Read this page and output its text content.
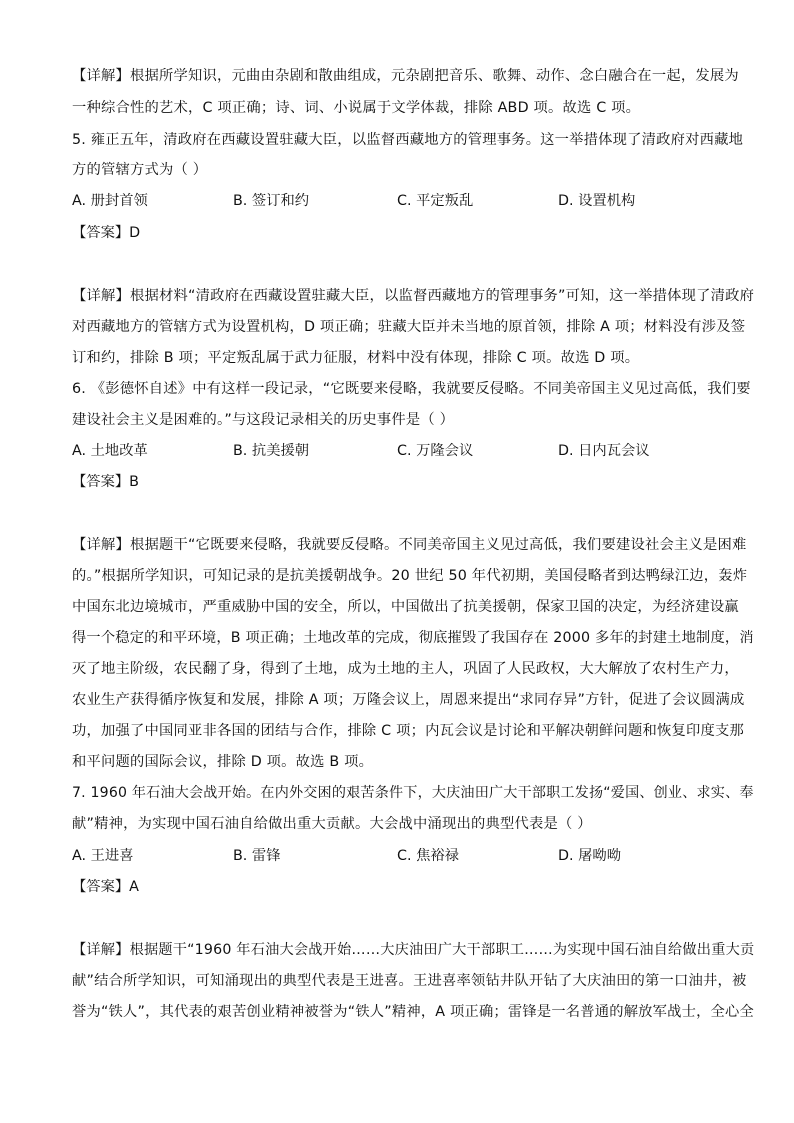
【详解】根据所学知识，元曲由杂剧和散曲组成，元杂剧把音乐、歌舞、动作、念白融合在一起，发展为
一种综合性的艺术，C 项正确；诗、词、小说属于文学体裁，排除 ABD 项。故选 C 项。
5. 雍正五年，清政府在西藏设置驻藏大臣，以监督西藏地方的管理事务。这一举措体现了清政府对西藏地
方的管辖方式为（ ）
A. 册封首领	B. 签订和约	C. 平定叛乱	D. 设置机构
【答案】D
【详解】根据材料“清政府在西藏设置驻藏大臣，以监督西藏地方的管理事务”可知，这一举措体现了清政府
对西藏地方的管辖方式为设置机构，D 项正确；驻藏大臣并未当地的原首领，排除 A 项；材料没有涉及签
订和约，排除 B 项；平定叛乱属于武力征服，材料中没有体现，排除 C 项。故选 D 项。
6. 《彭德怀自述》中有这样一段记录，“它既要来侵略，我就要反侵略。不同美帝国主义见过高低，我们要
建设社会主义是困难的。”与这段记录相关的历史事件是（ ）
A. 土地改革	B. 抗美援朝	C. 万隆会议	D. 日内瓦会议
【答案】B
【详解】根据题干“它既要来侵略，我就要反侵略。不同美帝国主义见过高低，我们要建设社会主义是困难
的。”根据所学知识，可知记录的是抗美援朝战争。20 世纪 50 年代初期，美国侵略者到达鸭绿江边，轰炸
中国东北边境城市，严重威胁中国的安全，所以，中国做出了抗美援朝，保家卫国的决定，为经济建设赢
得一个稳定的和平环境，B 项正确；土地改革的完成，彻底摧毁了我国存在 2000 多年的封建土地制度，消
灭了地主阶级，农民翻了身，得到了土地，成为土地的主人，巩固了人民政权，大大解放了农村生产力，
农业生产获得循序恢复和发展，排除 A 项；万隆会议上，周恩来提出“求同存异”方针，促进了会议圆满成
功，加强了中国同亚非各国的团结与合作，排除 C 项；内瓦会议是讨论和平解决朝鲜问题和恢复印度支那
和平问题的国际会议，排除 D 项。故选 B 项。
7. 1960 年石油大会战开始。在内外交困的艰苦条件下，大庆油田广大干部职工发扬“爱国、创业、求实、奉
献”精神，为实现中国石油自给做出重大贡献。大会战中涌现出的典型代表是（ ）
A. 王进喜	B. 雷锋	C. 焦裕禄	D. 屠呦呦
【答案】A
【详解】根据题干“1960 年石油大会战开始……大庆油田广大干部职工……为实现中国石油自给做出重大贡
献”结合所学知识，可知涌现出的典型代表是王进喜。王进喜率领钻井队开钻了大庆油田的第一口油井，被
誉为“铁人”，其代表的艰苦创业精神被誉为“铁人”精神，A 项正确；雷锋是一名普通的解放军战士，全心全
